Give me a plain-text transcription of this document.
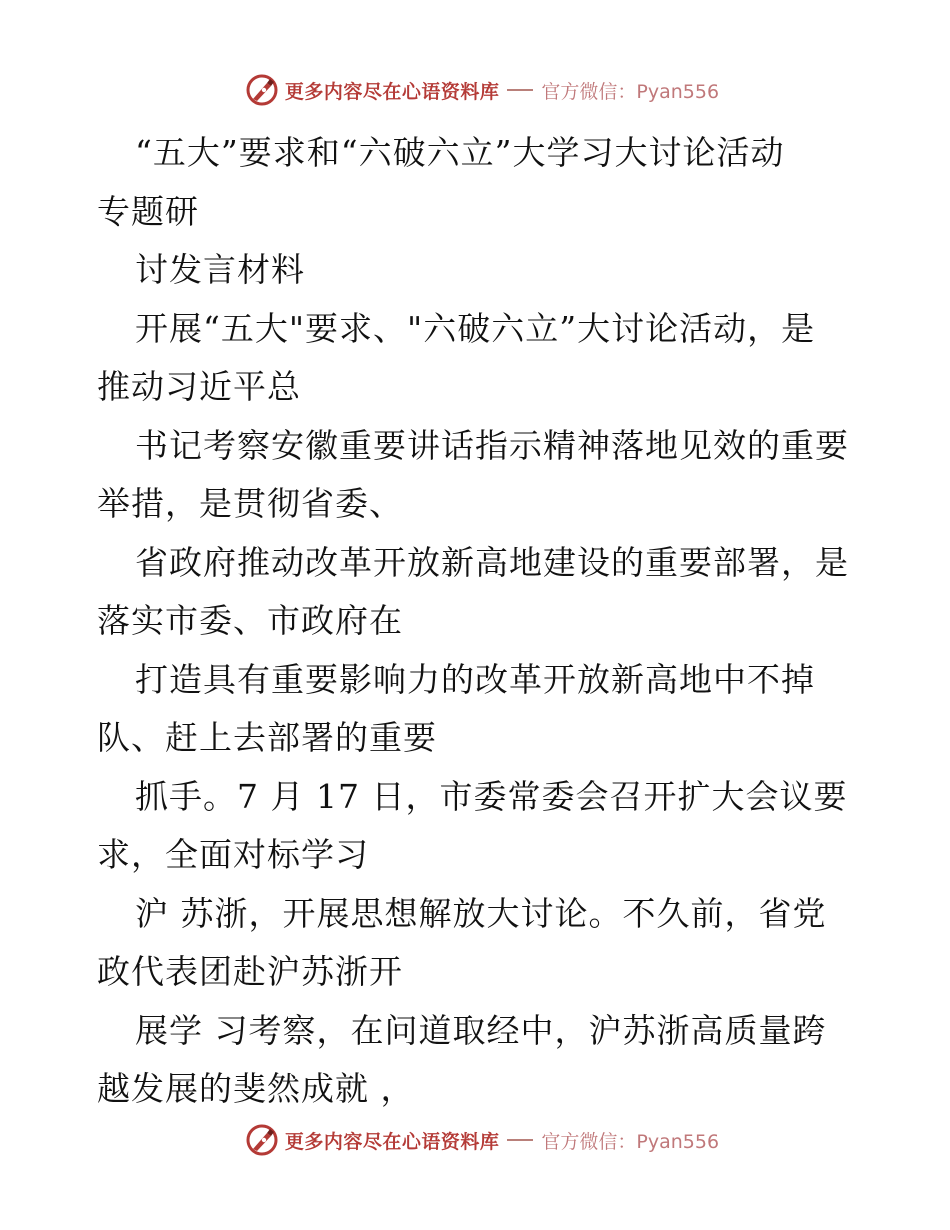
更多内容尽在心语资料库 官方微信：Pyan556
“五大”要求和“六破六立”大学习大讨论活动
专题研
讨发言材料
开展“五大"要求、"六破六立”大讨论活动，是
推动习近平总
书记考察安徽重要讲话指示精神落地见效的重要
举措，是贯彻省委、
省政府推动改革开放新高地建设的重要部署，是
落实市委、市政府在
打造具有重要影响力的改革开放新高地中不掉
队、赶上去部署的重要
抓手。7 月 17 日，市委常委会召开扩大会议要
求，全面对标学习
沪 苏浙，开展思想解放大讨论。不久前，省党
政代表团赴沪苏浙开
展学 习考察，在问道取经中，沪苏浙高质量跨
越发展的斐然成就 ，
更多内容尽在心语资料库 官方微信：Pyan556
